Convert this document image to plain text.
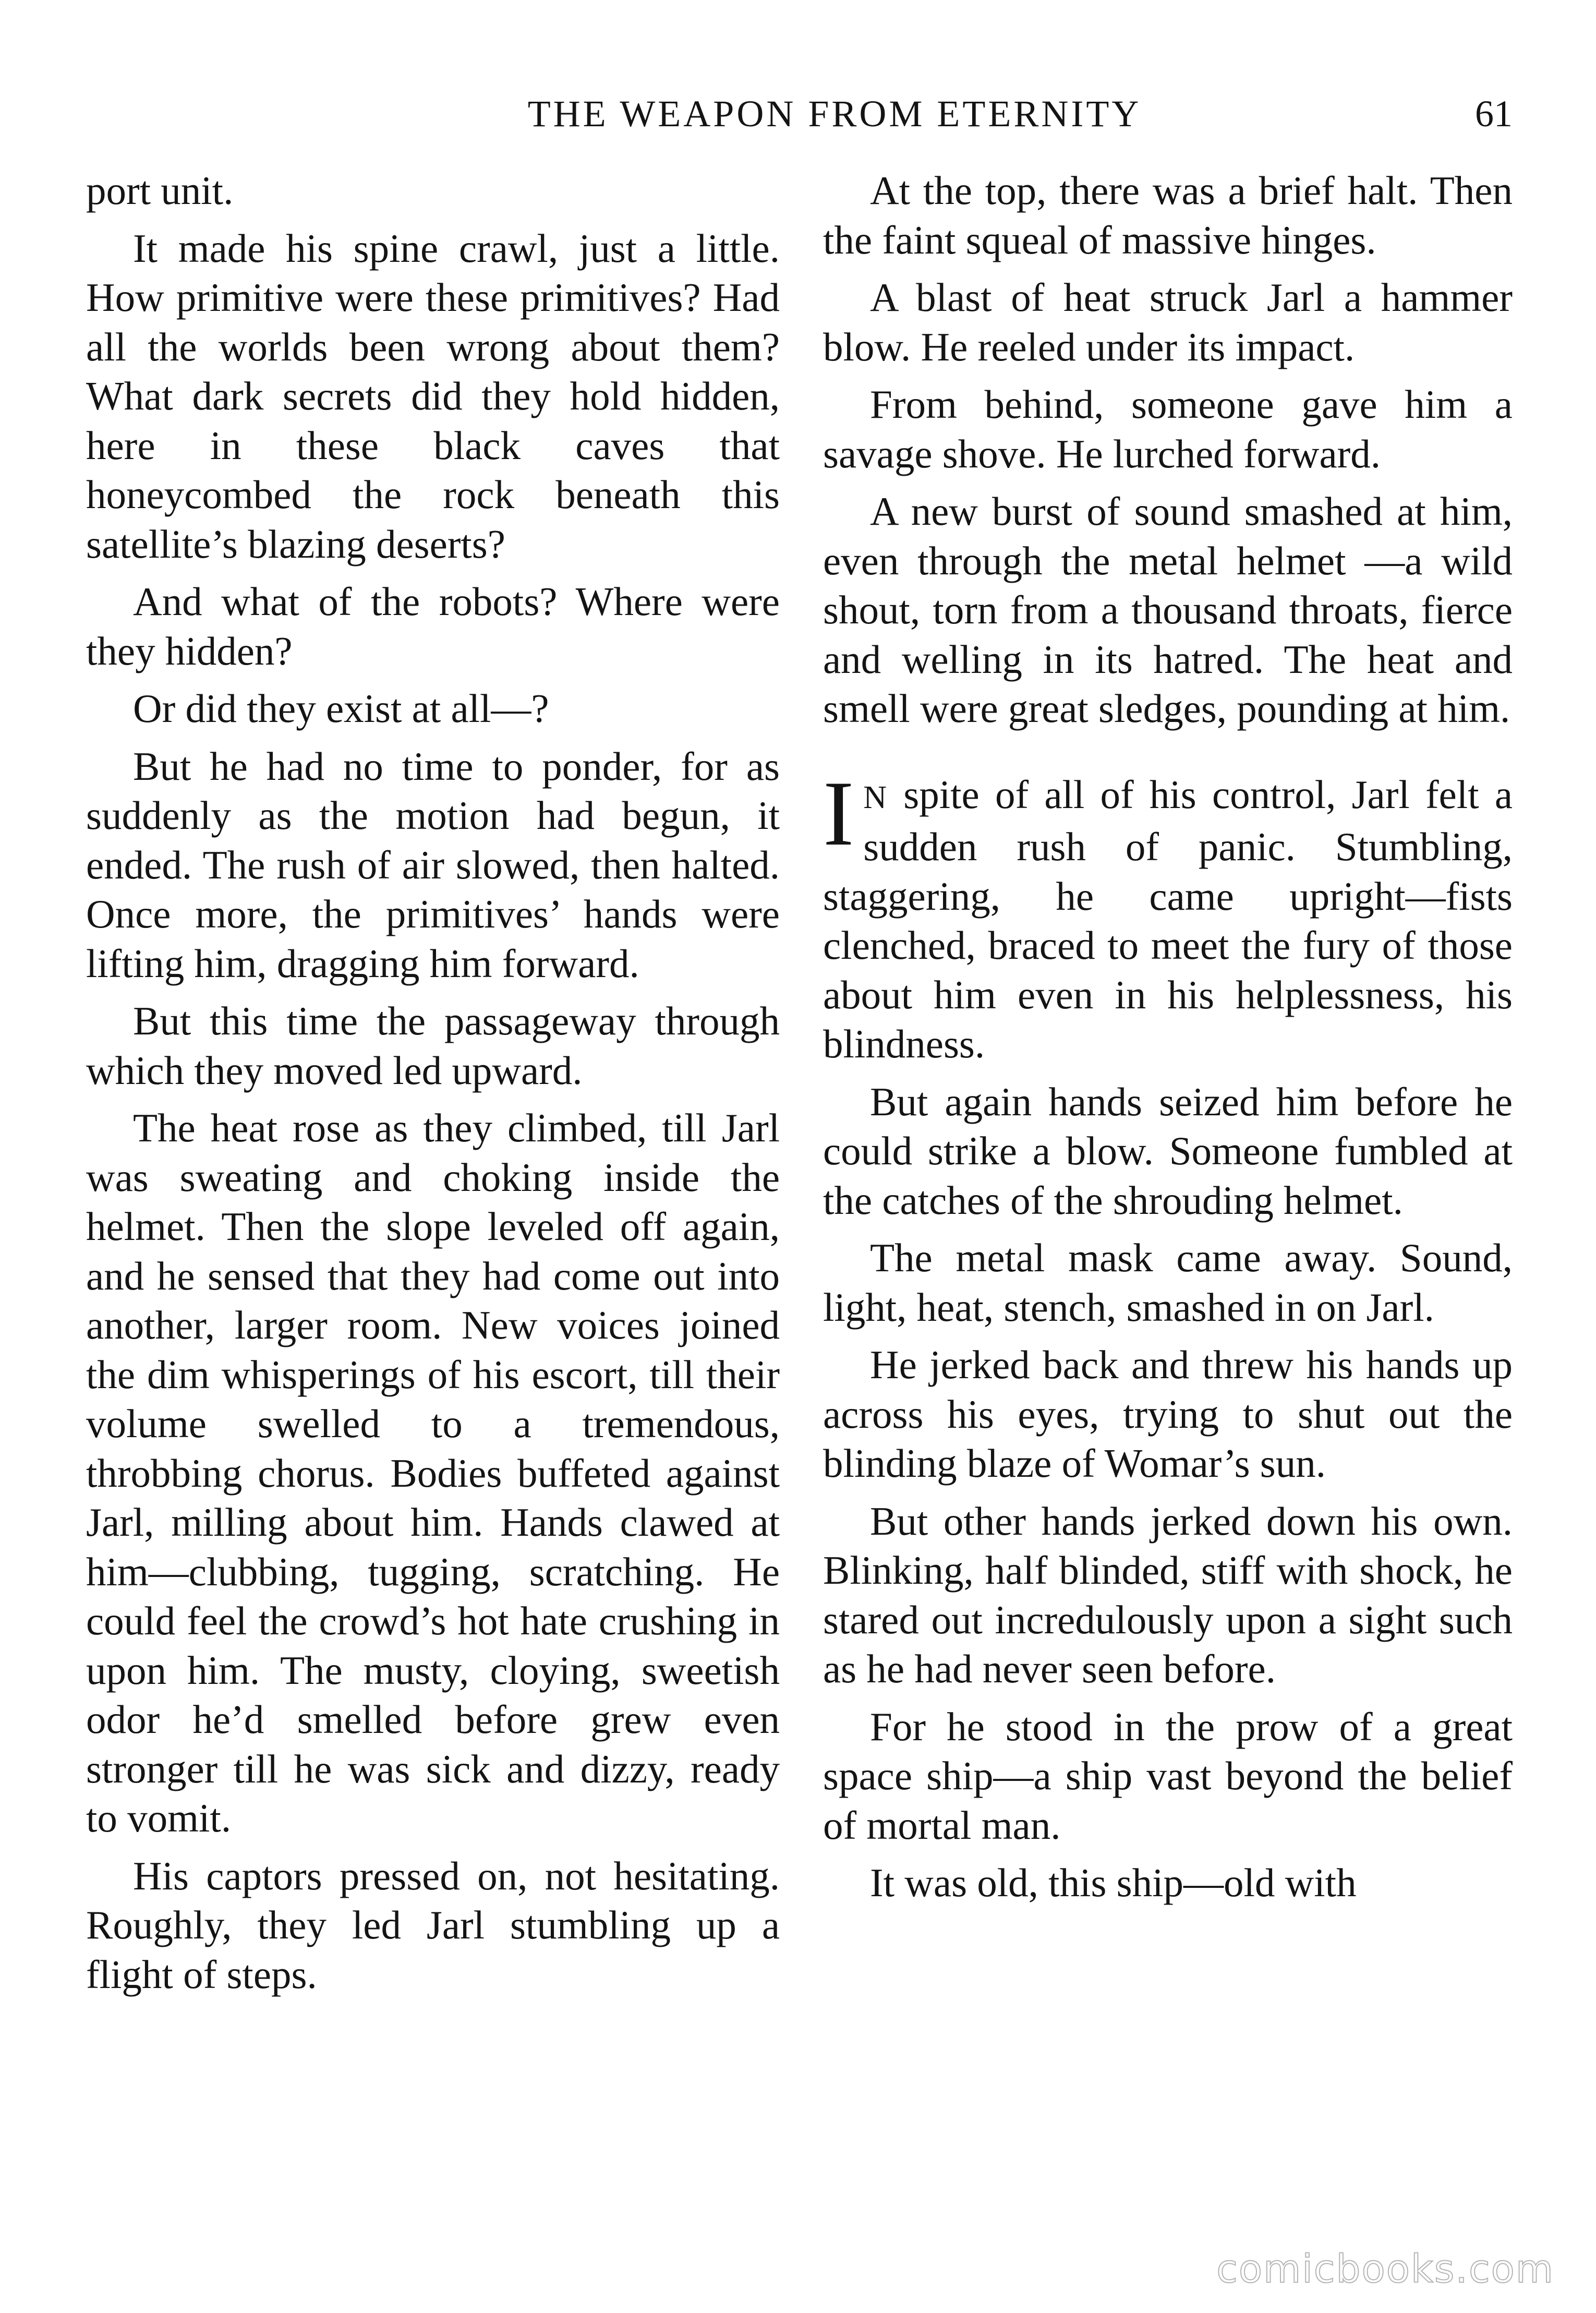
THE WEAPON FROM ETERNITY	61

port unit.

It made his spine crawl, just a little. How primitive were these primitives? Had all the worlds been wrong about them? What dark secrets did they hold hidden, here in these black caves that honeycombed the rock beneath this satellite’s blazing deserts?

And what of the robots? Where were they hidden?

Or did they exist at all—?

But he had no time to ponder, for as suddenly as the motion had begun, it ended. The rush of air slowed, then halted. Once more, the primitives’ hands were lifting him, dragging him forward.

But this time the passageway through which they moved led upward.

The heat rose as they climbed, till Jarl was sweating and choking inside the helmet. Then the slope leveled off again, and he sensed that they had come out into another, larger room. New voices joined the dim whisperings of his escort, till their volume swelled to a tremendous, throbbing chorus. Bodies buffeted against Jarl, milling about him. Hands clawed at him—clubbing, tugging, scratching. He could feel the crowd’s hot hate crushing in upon him. The musty, cloying, sweetish odor he’d smelled before grew even stronger till he was sick and dizzy, ready to vomit.

His captors pressed on, not hesitating. Roughly, they led Jarl stumbling up a flight of steps.

At the top, there was a brief halt. Then the faint squeal of massive hinges.

A blast of heat struck Jarl a hammer blow. He reeled under its impact.

From behind, someone gave him a savage shove. He lurched forward.

A new burst of sound smashed at him, even through the metal helmet —a wild shout, torn from a thousand throats, fierce and welling in its hatred. The heat and smell were great sledges, pounding at him.

I N spite of all of his control, Jarl felt a sudden rush of panic. Stumbling, staggering, he came upright—fists clenched, braced to meet the fury of those about him even in his helplessness, his blindness.

But again hands seized him before he could strike a blow. Someone fumbled at the catches of the shrouding helmet.

The metal mask came away. Sound, light, heat, stench, smashed in on Jarl.

He jerked back and threw his hands up across his eyes, trying to shut out the blinding blaze of Womar’s sun.

But other hands jerked down his own. Blinking, half blinded, stiff with shock, he stared out incredulously upon a sight such as he had never seen before.

For he stood in the prow of a great space ship—a ship vast beyond the belief of mortal man.

It was old, this ship—old with

comicbooks.com
